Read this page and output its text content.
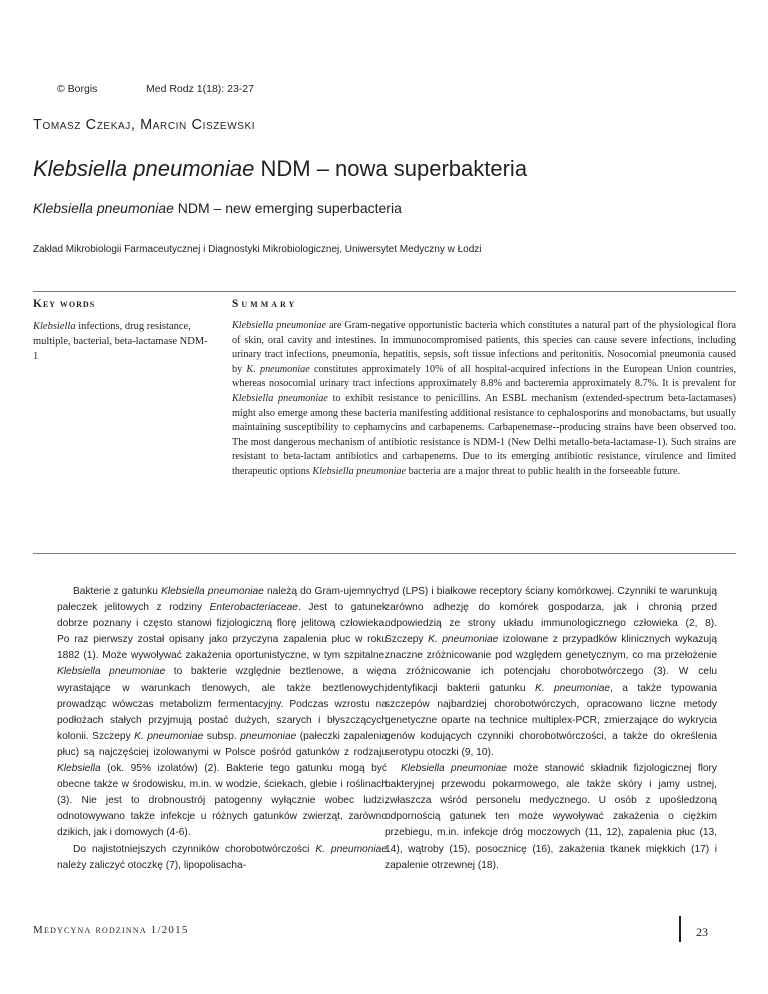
© Borgis	Med Rodz 1(18): 23-27
Tomasz Czekaj, Marcin Ciszewski
Klebsiella pneumoniae NDM – nowa superbakteria
Klebsiella pneumoniae NDM – new emerging superbacteria
Zakład Mikrobiologii Farmaceutycznej i Diagnostyki Mikrobiologicznej, Uniwersytet Medyczny w Łodzi
Key words
Klebsiella infections, drug resistance, multiple, bacterial, beta-lactamase NDM-1
Summary
Klebsiella pneumoniae are Gram-negative opportunistic bacteria which constitutes a natural part of the physiological flora of skin, oral cavity and intestines. In immunocompromised patients, this species can cause severe infections, including urinary tract infections, pneumonia, hepatitis, sepsis, soft tissue infections and peritonitis. Nosocomial pneumonia caused by K. pneumoniae constitutes approximately 10% of all hospital-acquired infections in the European Union countries, whereas nosocomial urinary tract infections approximately 8.8% and bacteremia approximately 8.7%. It is prevalent for Klebsiella pneumoniae to exhibit resistance to penicillins. An ESBL mechanism (extended-spectrum beta-lactamases) might also emerge among these bacteria manifesting additional resistance to cephalosporins and monobactams, but usually maintaining susceptibility to cephamycins and carbapenems. Carbapenemase--producing strains have been observed too. The most dangerous mechanism of antibiotic resistance is NDM-1 (New Delhi metallo-beta-lactamase-1). Such strains are resistant to beta-lactam antibiotics and carbapenems. Due to its emerging antibiotic resistance, virulence and limited therapeutic options Klebsiella pneumoniae bacteria are a major threat to public health in the forseeable future.

Bakterie z gatunku Klebsiella pneumoniae należą do Gram-ujemnych pałeczek jelitowych z rodziny Enterobacteriaceae. Jest to gatunek dobrze poznany i często stanowi fizjologiczną florę jelitową człowieka. Po raz pierwszy został opisany jako przyczyna zapalenia płuc w roku 1882 (1). Może wywoływać zakażenia oportunistyczne, w tym szpitalne. Klebsiella pneumoniae to bakterie względnie beztlenowe, a więc wyrastające w warunkach tlenowych, ale także beztlenowych, prowadząc wówczas metabolizm fermentacyjny. Podczas wzrostu na podłożach stałych przyjmują postać dużych, szarych i błyszczących kolonii. Szczepy K. pneumoniae subsp. pneumoniae (pałeczki zapalenia płuc) są najczęściej izolowanymi w Polsce pośród gatunków z rodzaju Klebsiella (ok. 95% izolatów) (2). Bakterie tego gatunku mogą być obecne także w środowisku, m.in. w wodzie, ściekach, glebie i roślinach (3). Nie jest to drobnoustrój patogenny wyłącznie wobec ludzi, odnotowywano także infekcje u różnych gatunków zwierząt, zarówno dzikich, jak i domowych (4-6).

Do najistotniejszych czynników chorobotwórczości K. pneumoniae należy zaliczyć otoczkę (7), lipopolisacha-

ryd (LPS) i białkowe receptory ściany komórkowej. Czynniki te warunkują zarówno adhezję do komórek gospodarza, jak i chronią przed odpowiedzią ze strony układu immunologicznego człowieka (2, 8). Szczepy K. pneumoniae izolowane z przypadków klinicznych wykazują znaczne zróżnicowanie pod względem genetycznym, co ma przełożenie na zróżnicowanie ich potencjału chorobotwórczego (3). W celu identyfikacji bakterii gatunku K. pneumoniae, a także typowania szczepów najbardziej chorobotwórczych, opracowano liczne metody genetyczne oparte na technice multiplex-PCR, zmierzające do wykrycia genów kodujących czynniki chorobotwórczości, a także do określenia serotypu otoczki (9, 10).

Klebsiella pneumoniae może stanowić składnik fizjologicznej flory bakteryjnej przewodu pokarmowego, ale także skóry i jamy ustnej, zwłaszcza wśród personelu medycznego. U osób z upośledzoną odpornością gatunek ten może wywoływać zakażenia o ciężkim przebiegu, m.in. infekcje dróg moczowych (11, 12), zapalenia płuc (13, 14), wątroby (15), posocznicę (16), zakażenia tkanek miękkich (17) i zapalenie otrzewnej (18).

Medycyna rodzinna 1/2015	23
